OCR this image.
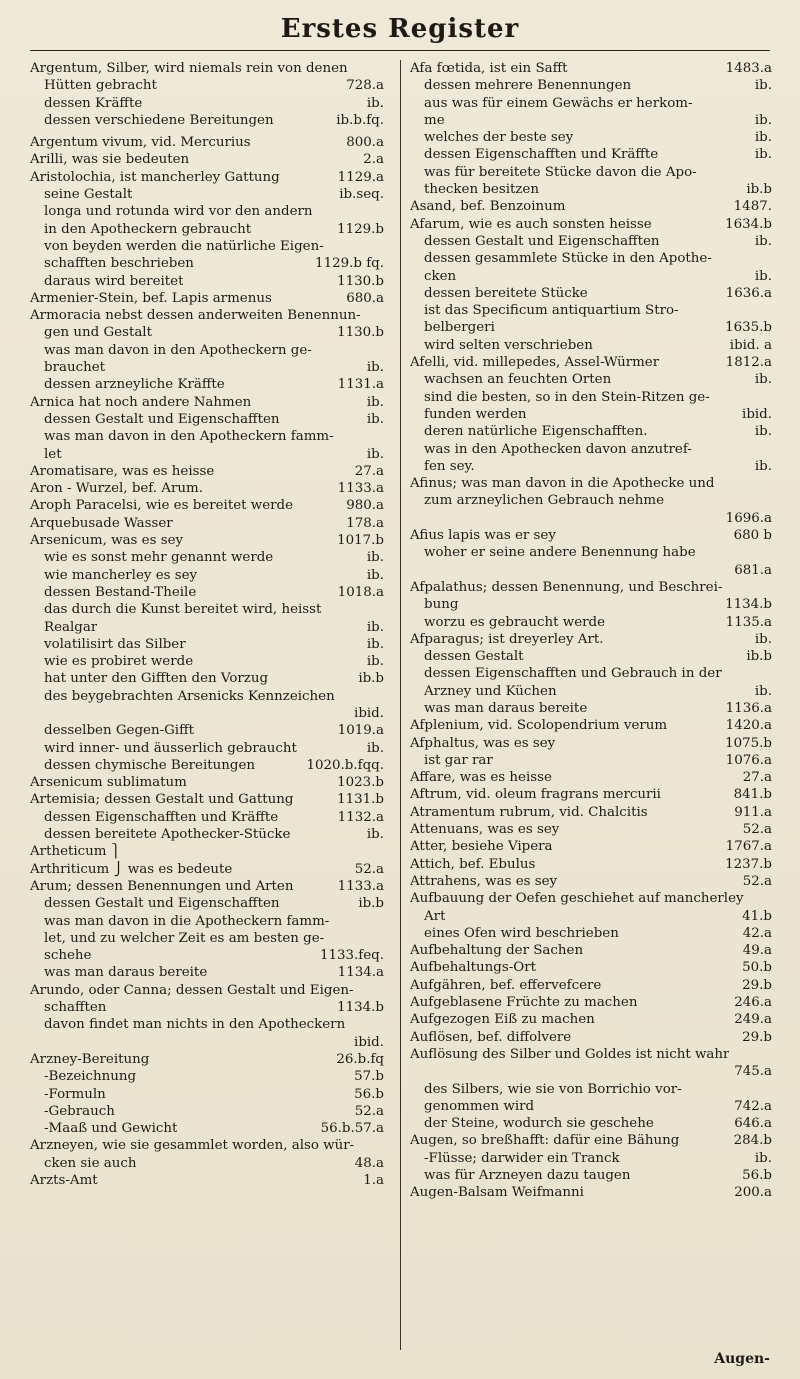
Erstes Register
Argentum, Silber, wird niemals rein von denen
Hütten gebracht	728.a
dessen Kräffte	ib.
dessen verschiedene Bereitungen	ib.b.fq.
Argentum vivum, vid. Mercurius	800.a
Arilli, was sie bedeuten	2.a
Aristolochia, ist mancherley Gattung	1129.a
seine Gestalt	ib.seq.
longa und rotunda wird vor den andern
in den Apotheckern gebraucht	1129.b
von beyden werden die natürliche Eigen-
schafften beschrieben	1129.b fq.
daraus wird bereitet	1130.b
Armenier-Stein, bef. Lapis armenus	680.a
Armoracia nebst dessen anderweiten Benennun-
gen und Gestalt	1130.b
was man davon in den Apotheckern ge-
brauchet	ib.
dessen arzneyliche Kräffte	1131.a
Arnica hat noch andere Nahmen	ib.
dessen Gestalt und Eigenschafften	ib.
was man davon in den Apotheckern famm-
let	ib.
Aromatisare, was es heisse	27.a
Aron - Wurzel, bef. Arum.	1133.a
Aroph Paracelsi, wie es bereitet werde	980.a
Arquebusade Wasser	178.a
Arsenicum, was es sey	1017.b
wie es sonst mehr genannt werde	ib.
wie mancherley es sey	ib.
dessen Bestand-Theile	1018.a
das durch die Kunst bereitet wird, heisst
Realgar	ib.
volatilisirt das Silber	ib.
wie es probiret werde	ib.
hat unter den Gifften den Vorzug	ib.b
des beygebrachten Arsenicks Kennzeichen
ibid.
desselben Gegen-Gifft	1019.a
wird inner- und äusserlich gebraucht	ib.
dessen chymische Bereitungen	1020.b.fqq.
Arsenicum sublimatum	1023.b
Artemisia; dessen Gestalt und Gattung	1131.b
dessen Eigenschafften und Kräffte	1132.a
dessen bereitete Apothecker-Stücke	ib.
Artheticum ⎫
Arthriticum ⎭ was es bedeute	52.a
Arum; dessen Benennungen und Arten	1133.a
dessen Gestalt und Eigenschafften	ib.b
was man davon in die Apotheckern famm-
let, und zu welcher Zeit es am besten ge-
schehe	1133.feq.
was man daraus bereite	1134.a
Arundo, oder Canna; dessen Gestalt und Eigen-
schafften	1134.b
davon findet man nichts in den Apotheckern
ibid.
Arzney-Bereitung	26.b.fq
-Bezeichnung	57.b
-Formuln	56.b
-Gebrauch	52.a
-Maaß und Gewicht	56.b.57.a
Arzneyen, wie sie gesammlet worden, also wür-
cken sie auch	48.a
Arzts-Amt	1.a
Afa fœtida, ist ein Safft	1483.a
dessen mehrere Benennungen	ib.
aus was für einem Gewächs er herkom-
me	ib.
welches der beste sey	ib.
dessen Eigenschafften und Kräffte	ib.
was für bereitete Stücke davon die Apo-
thecken besitzen	ib.b
Asand, bef. Benzoinum	1487.
Afarum, wie es auch sonsten heisse	1634.b
dessen Gestalt und Eigenschafften	ib.
dessen gesammlete Stücke in den Apothe-
cken	ib.
dessen bereitete Stücke	1636.a
ist das Specificum antiquartium Stro-
belbergeri	1635.b
wird selten verschrieben	ibid. a
Afelli, vid. millepedes, Assel-Würmer	1812.a
wachsen an feuchten Orten	ib.
sind die besten, so in den Stein-Ritzen ge-
funden werden	ibid.
deren natürliche Eigenschafften.	ib.
was in den Apothecken davon anzutref-
fen sey.	ib.
Afinus; was man davon in die Apothecke und
zum arzneylichen Gebrauch nehme
1696.a
Afius lapis was er sey	680 b
woher er seine andere Benennung habe
681.a
Afpalathus; dessen Benennung, und Beschrei-
bung	1134.b
worzu es gebraucht werde	1135.a
Afparagus; ist dreyerley Art.	ib.
dessen Gestalt	ib.b
dessen Eigenschafften und Gebrauch in der
Arzney und Küchen	ib.
was man daraus bereite	1136.a
Afplenium, vid. Scolopendrium verum	1420.a
Afphaltus, was es sey	1075.b
ist gar rar	1076.a
Affare, was es heisse	27.a
Aftrum, vid. oleum fragrans mercurii	841.b
Atramentum rubrum, vid. Chalcitis	911.a
Attenuans, was es sey	52.a
Atter, besiehe Vipera	1767.a
Attich, bef. Ebulus	1237.b
Attrahens, was es sey	52.a
Aufbauung der Oefen geschiehet auf mancherley
Art	41.b
eines Ofen wird beschrieben	42.a
Aufbehaltung der Sachen	49.a
Aufbehaltungs-Ort	50.b
Aufgähren, bef. effervefcere	29.b
Aufgeblasene Früchte zu machen	246.a
Aufgezogen Eiß zu machen	249.a
Auflösen, bef. diffolvere	29.b
Auflösung des Silber und Goldes ist nicht wahr
745.a
des Silbers, wie sie von Borrichio vor-
genommen wird	742.a
der Steine, wodurch sie geschehe	646.a
Augen, so breßhafft: dafür eine Bähung	284.b
-Flüsse; darwider ein Tranck	ib.
was für Arzneyen dazu taugen	56.b
Augen-Balsam Weifmanni	200.a
Augen-
